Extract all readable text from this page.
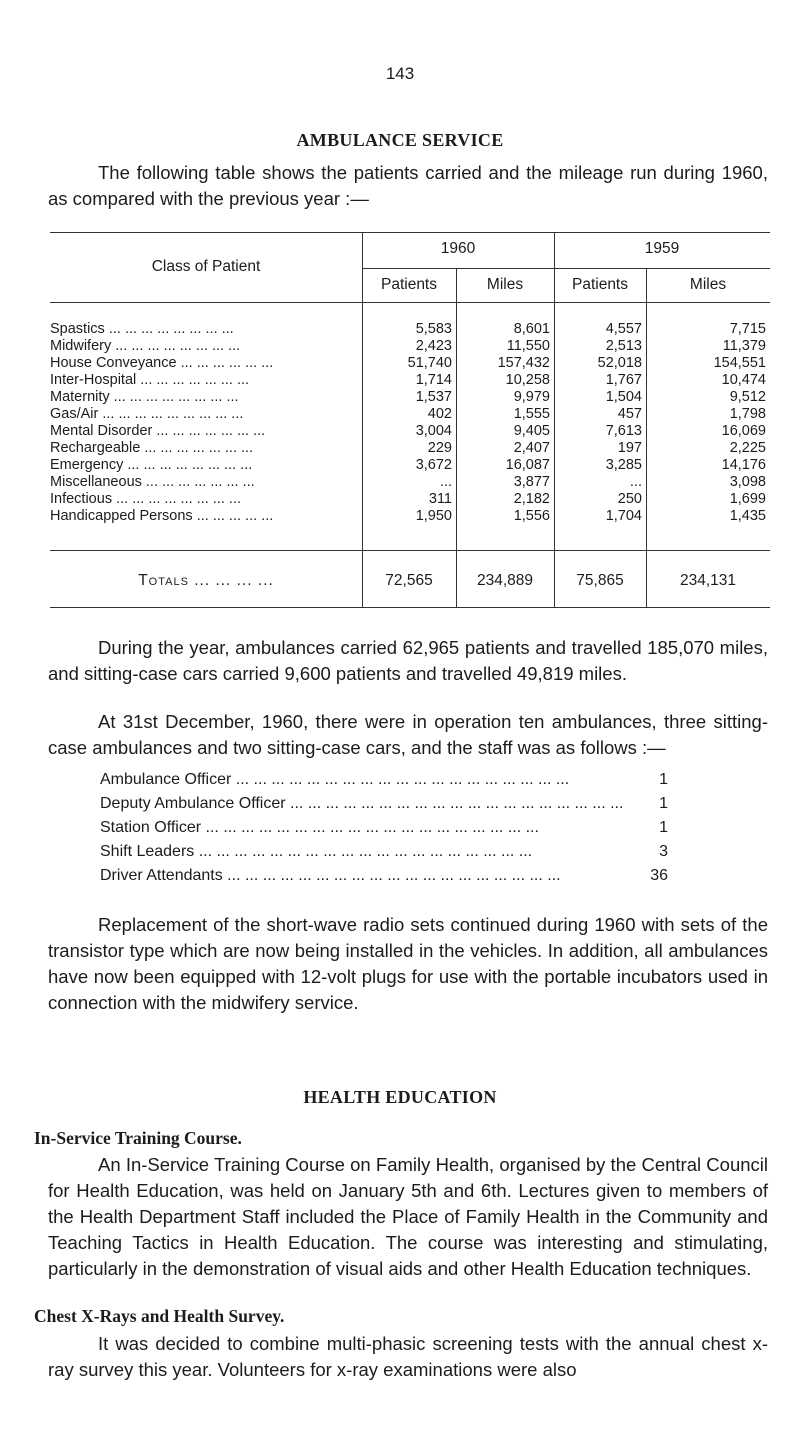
143
AMBULANCE SERVICE
The following table shows the patients carried and the mileage run during 1960, as compared with the previous year :—
Class of Patient
1960	1959
Patients	Miles	Patients	Miles
Spastics ... ... ... ... ... ... ... ...	5,583	8,601	4,557	7,715
Midwifery ... ... ... ... ... ... ... ...	2,423	11,550	2,513	11,379
House Conveyance ... ... ... ... ... ...	51,740	157,432	52,018	154,551
Inter-Hospital ... ... ... ... ... ... ...	1,714	10,258	1,767	10,474
Maternity ... ... ... ... ... ... ... ...	1,537	9,979	1,504	9,512
Gas/Air ... ... ... ... ... ... ... ... ...	402	1,555	457	1,798
Mental Disorder ... ... ... ... ... ... ...	3,004	9,405	7,613	16,069
Rechargeable ... ... ... ... ... ... ...	229	2,407	197	2,225
Emergency ... ... ... ... ... ... ... ...	3,672	16,087	3,285	14,176
Miscellaneous ... ... ... ... ... ... ...	...	3,877	...	3,098
Infectious ... ... ... ... ... ... ... ...	311	2,182	250	1,699
Handicapped Persons ... ... ... ... ...	1,950	1,556	1,704	1,435
Totals ... ... ... ...	72,565	234,889	75,865	234,131
During the year, ambulances carried 62,965 patients and travelled 185,070 miles, and sitting-case cars carried 9,600 patients and travelled 49,819 miles.
At 31st December, 1960, there were in operation ten ambulances, three sitting-case ambulances and two sitting-case cars, and the staff was as follows :—
Ambulance Officer ... ... ... ... ... ... ... ... ... ... ... ... ... ... ... ... ... ... ...	1
Deputy Ambulance Officer ... ... ... ... ... ... ... ... ... ... ... ... ... ... ... ... ... ... ... 1
Station Officer ... ... ... ... ... ... ... ... ... ... ... ... ... ... ... ... ... ... ...	1
Shift Leaders ... ... ... ... ... ... ... ... ... ... ... ... ... ... ... ... ... ... ...	3
Driver Attendants ... ... ... ... ... ... ... ... ... ... ... ... ... ... ... ... ... ... ...	36
Replacement of the short-wave radio sets continued during 1960 with sets of the transistor type which are now being installed in the vehicles. In addition, all ambulances have now been equipped with 12-volt plugs for use with the portable incubators used in connection with the midwifery service.
HEALTH EDUCATION
In-Service Training Course.
An In-Service Training Course on Family Health, organised by the Central Council for Health Education, was held on January 5th and 6th. Lectures given to members of the Health Department Staff included the Place of Family Health in the Community and Teaching Tactics in Health Education. The course was interesting and stimulating, particularly in the demonstration of visual aids and other Health Education techniques.
Chest X-Rays and Health Survey.
It was decided to combine multi-phasic screening tests with the annual chest x-ray survey this year. Volunteers for x-ray examinations were also
